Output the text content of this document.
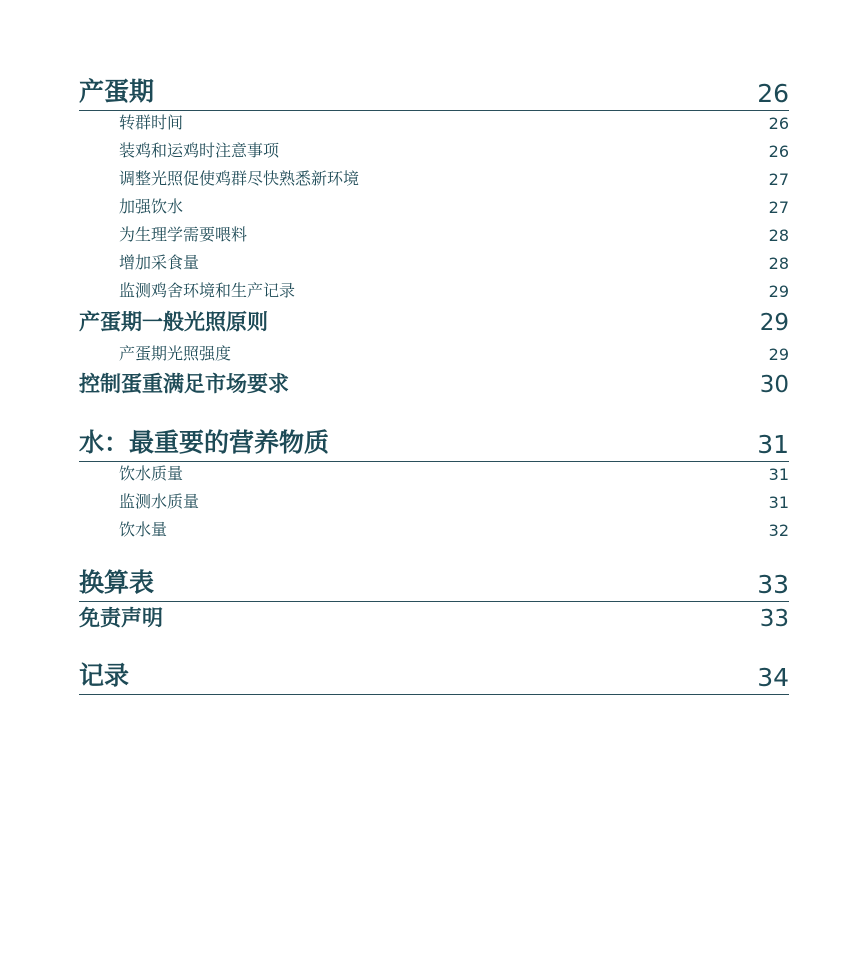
产蛋期	26
转群时间	26
装鸡和运鸡时注意事项	26
调整光照促使鸡群尽快熟悉新环境	27
加强饮水	27
为生理学需要喂料	28
增加采食量	28
监测鸡舍环境和生产记录	29
产蛋期一般光照原则	29
产蛋期光照强度	29
控制蛋重满足市场要求	30
水：最重要的营养物质	31
饮水质量	31
监测水质量	31
饮水量	32
换算表	33
免责声明	33
记录	34
